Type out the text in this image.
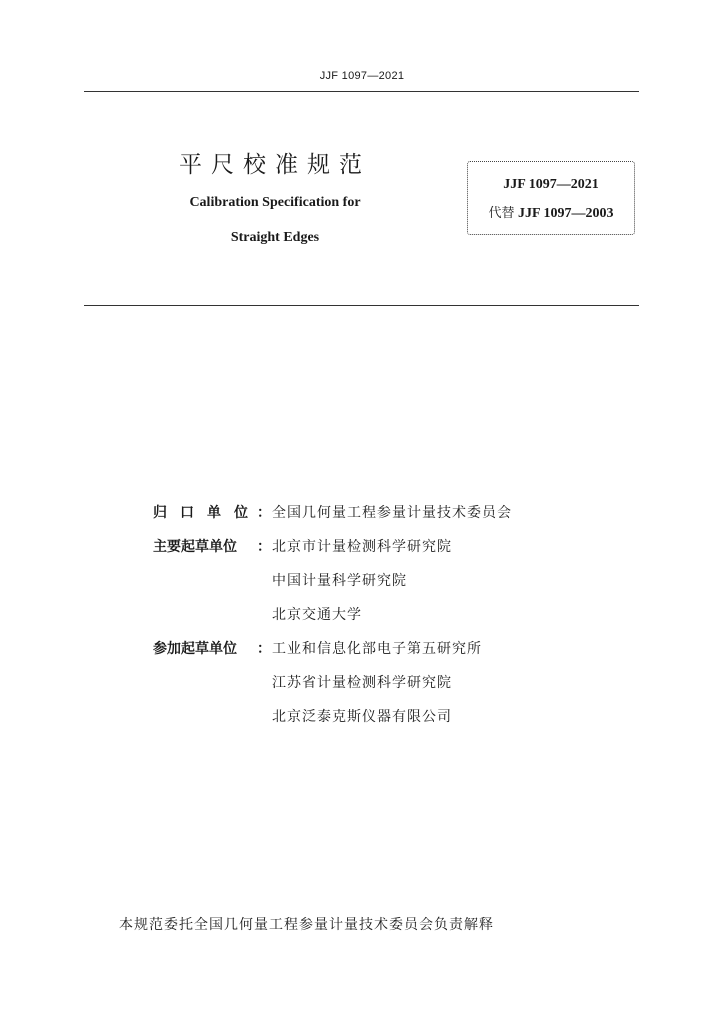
JJF 1097—2021
平尺校准规范
Calibration Specification for
Straight Edges
JJF 1097—2021
代替 JJF 1097—2003
归口单位
： 全国几何量工程参量计量技术委员会
主要起草单位	： 北京市计量检测科学研究院
中国计量科学研究院
北京交通大学
参加起草单位	： 工业和信息化部电子第五研究所
江苏省计量检测科学研究院
北京泛泰克斯仪器有限公司
本规范委托全国几何量工程参量计量技术委员会负责解释
